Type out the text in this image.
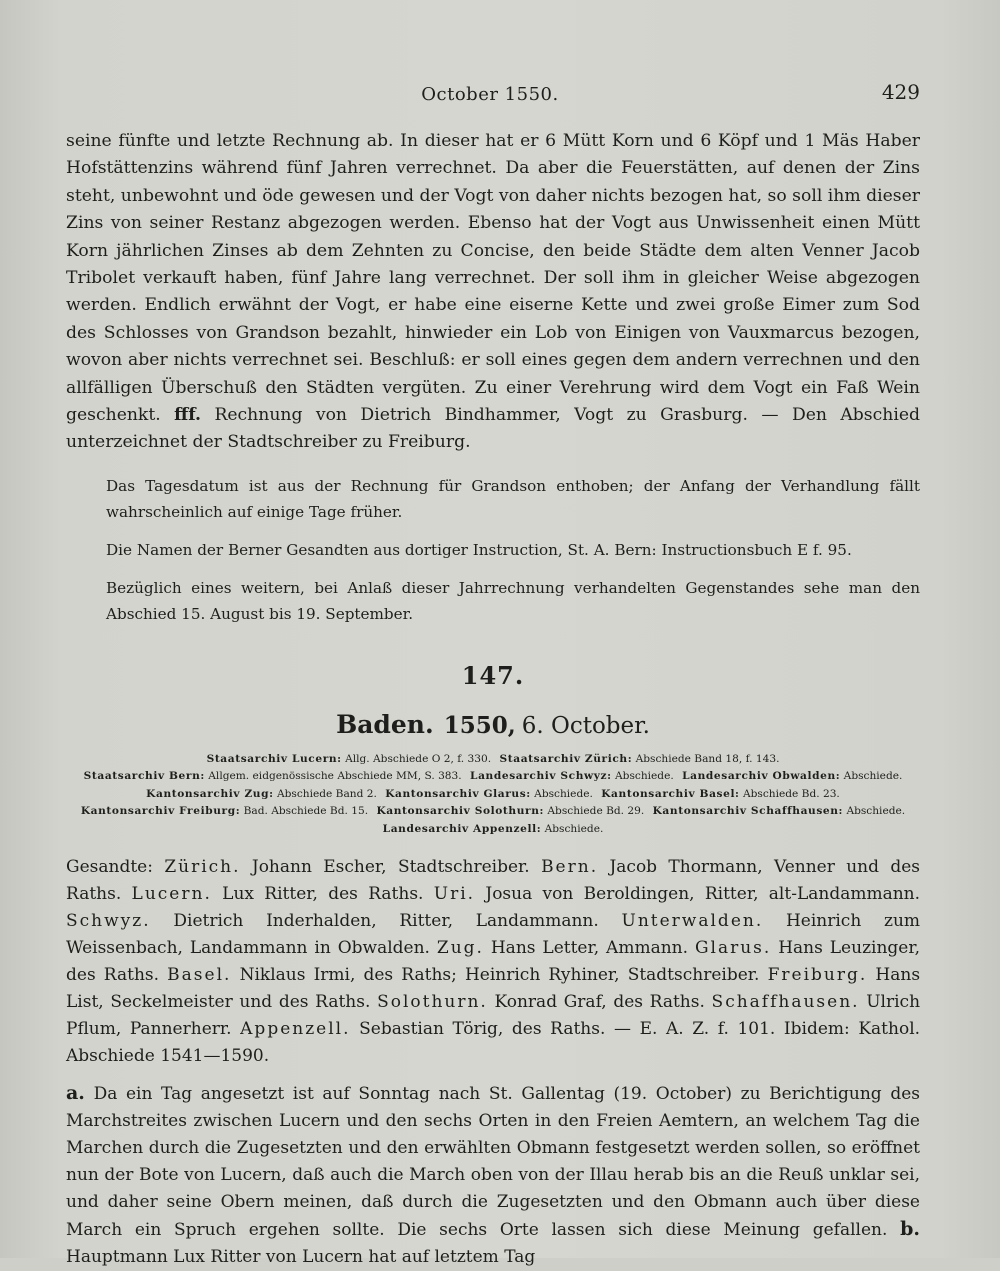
October 1550.	429

seine fünfte und letzte Rechnung ab. In dieser hat er 6 Mütt Korn und 6 Köpf und 1 Mäs Haber Hofstättenzins während fünf Jahren verrechnet. Da aber die Feuerstätten, auf denen der Zins steht, unbewohnt und öde gewesen und der Vogt von daher nichts bezogen hat, so soll ihm dieser Zins von seiner Restanz abgezogen werden. Ebenso hat der Vogt aus Unwissenheit einen Mütt Korn jährlichen Zinses ab dem Zehnten zu Concise, den beide Städte dem alten Venner Jacob Tribolet verkauft haben, fünf Jahre lang verrechnet. Der soll ihm in gleicher Weise abgezogen werden. Endlich erwähnt der Vogt, er habe eine eiserne Kette und zwei große Eimer zum Sod des Schlosses von Grandson bezahlt, hinwieder ein Lob von Einigen von Vauxmarcus bezogen, wovon aber nichts verrechnet sei. Beschluß: er soll eines gegen dem andern verrechnen und den allfälligen Überschuß den Städten vergüten. Zu einer Verehrung wird dem Vogt ein Faß Wein geschenkt. fff. Rechnung von Dietrich Bindhammer, Vogt zu Grasburg. — Den Abschied unterzeichnet der Stadtschreiber zu Freiburg.

Das Tagesdatum ist aus der Rechnung für Grandson enthoben; der Anfang der Verhandlung fällt wahrscheinlich auf einige Tage früher.

Die Namen der Berner Gesandten aus dortiger Instruction, St. A. Bern: Instructionsbuch E f. 95.

Bezüglich eines weitern, bei Anlaß dieser Jahrrechnung verhandelten Gegenstandes sehe man den Abschied 15. August bis 19. September.

147.
Baden. 1550, 6. October.
Staatsarchiv Lucern: Allg. Abschiede O 2, f. 330. Staatsarchiv Zürich: Abschiede Band 18, f. 143.
Staatsarchiv Bern: Allgem. eidgenössische Abschiede MM, S. 383. Landesarchiv Schwyz: Abschiede. Landesarchiv Obwalden: Abschiede.
Kantonsarchiv Zug: Abschiede Band 2. Kantonsarchiv Glarus: Abschiede. Kantonsarchiv Basel: Abschiede Bd. 23.
Kantonsarchiv Freiburg: Bad. Abschiede Bd. 15. Kantonsarchiv Solothurn: Abschiede Bd. 29. Kantonsarchiv Schaffhausen: Abschiede.
Landesarchiv Appenzell: Abschiede.

Gesandte: Zürich. Johann Escher, Stadtschreiber. Bern. Jacob Thormann, Venner und des Raths. Lucern. Lux Ritter, des Raths. Uri. Josua von Beroldingen, Ritter, alt-Landammann. Schwyz. Dietrich Inderhalden, Ritter, Landammann. Unterwalden. Heinrich zum Weissenbach, Landammann in Obwalden. Zug. Hans Letter, Ammann. Glarus. Hans Leuzinger, des Raths. Basel. Niklaus Irmi, des Raths; Heinrich Ryhiner, Stadtschreiber. Freiburg. Hans List, Seckelmeister und des Raths. Solothurn. Konrad Graf, des Raths. Schaffhausen. Ulrich Pflum, Pannerherr. Appenzell. Sebastian Törig, des Raths. — E. A. Z. f. 101. Ibidem: Kathol. Abschiede 1541—1590.

a. Da ein Tag angesetzt ist auf Sonntag nach St. Gallentag (19. October) zu Berichtigung des Marchstreites zwischen Lucern und den sechs Orten in den Freien Aemtern, an welchem Tag die Marchen durch die Zugesetzten und den erwählten Obmann festgesetzt werden sollen, so eröffnet nun der Bote von Lucern, daß auch die March oben von der Illau herab bis an die Reuß unklar sei, und daher seine Obern meinen, daß durch die Zugesetzten und den Obmann auch über diese March ein Spruch ergehen sollte. Die sechs Orte lassen sich diese Meinung gefallen. b. Hauptmann Lux Ritter von Lucern hat auf letztem Tag
